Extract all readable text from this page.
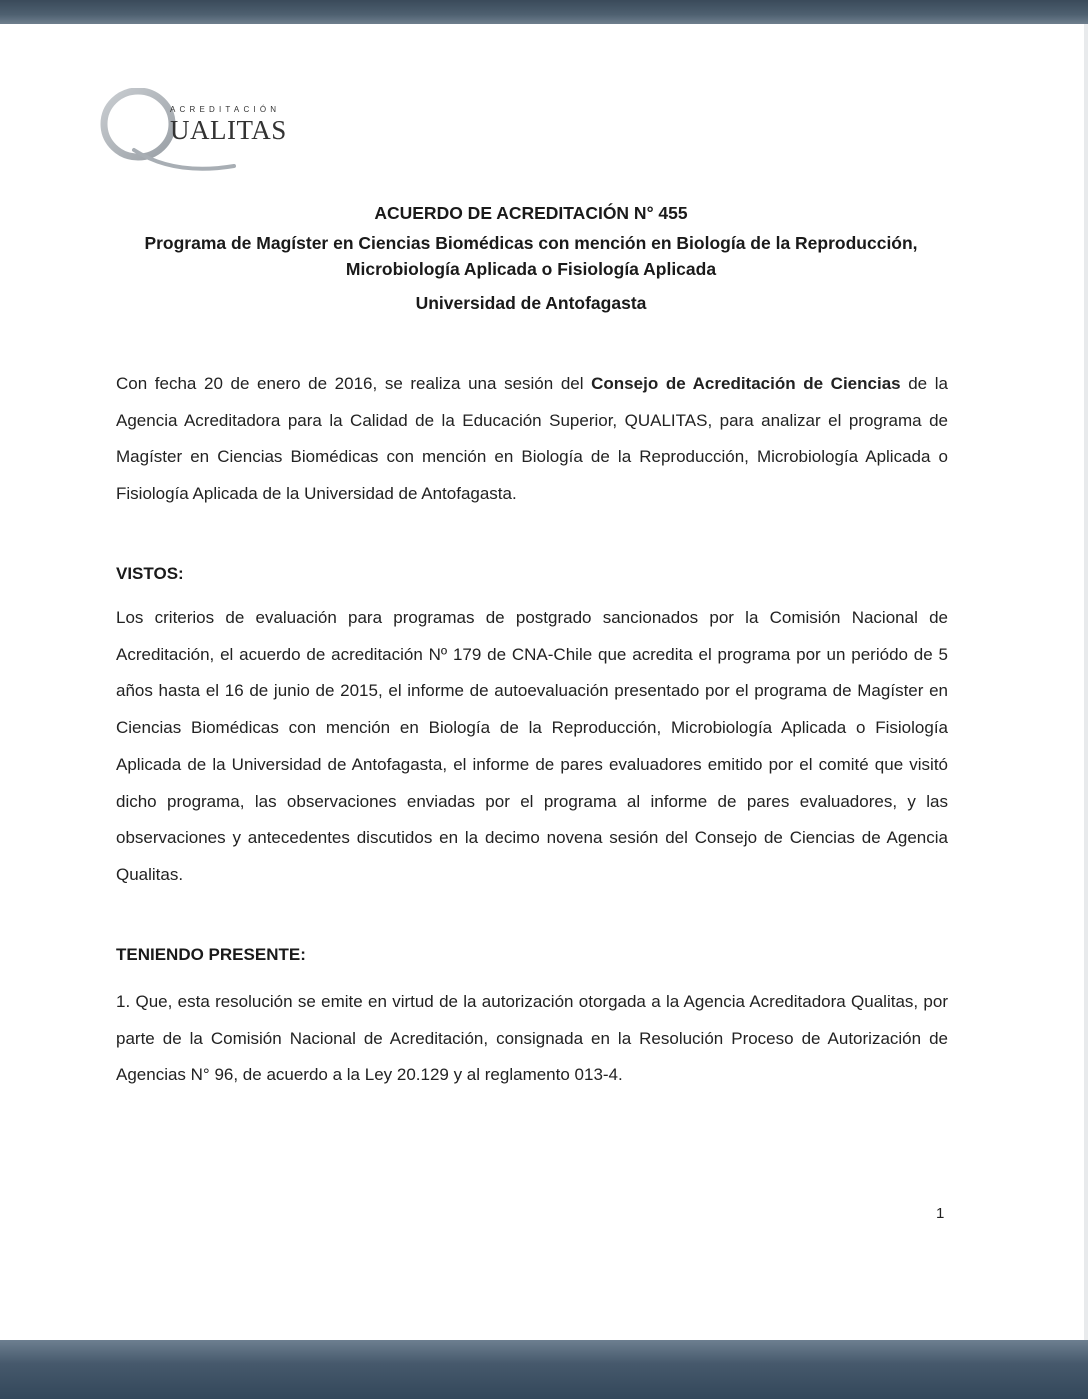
ACREDITACIÓN
UALITAS
ACUERDO DE ACREDITACIÓN N° 455
Programa de Magíster en Ciencias Biomédicas con mención en Biología de la Reproducción,
Microbiología Aplicada o Fisiología Aplicada
Universidad de Antofagasta
Con fecha 20 de enero de 2016, se realiza una sesión del Consejo de Acreditación de Ciencias de la Agencia Acreditadora para la Calidad de la Educación Superior, QUALITAS, para analizar el programa de Magíster en Ciencias Biomédicas con mención en Biología de la Reproducción, Microbiología Aplicada o Fisiología Aplicada de la Universidad de Antofagasta.
VISTOS:
Los criterios de evaluación para programas de postgrado sancionados por la Comisión Nacional de Acreditación, el acuerdo de acreditación Nº 179 de CNA-Chile que acredita el programa por un periódo de 5 años hasta el 16 de junio de 2015, el informe de autoevaluación presentado por el programa de Magíster en Ciencias Biomédicas con mención en Biología de la Reproducción, Microbiología Aplicada o Fisiología Aplicada de la Universidad de Antofagasta, el informe de pares evaluadores emitido por el comité que visitó dicho programa, las observaciones enviadas por el programa al informe de pares evaluadores, y las observaciones y antecedentes discutidos en la decimo novena sesión del Consejo de Ciencias de Agencia Qualitas.
TENIENDO PRESENTE:
1. Que, esta resolución se emite en virtud de la autorización otorgada a la Agencia Acreditadora Qualitas, por parte de la Comisión Nacional de Acreditación, consignada en la Resolución Proceso de Autorización de Agencias N° 96, de acuerdo a la Ley 20.129 y al reglamento 013-4.
1
